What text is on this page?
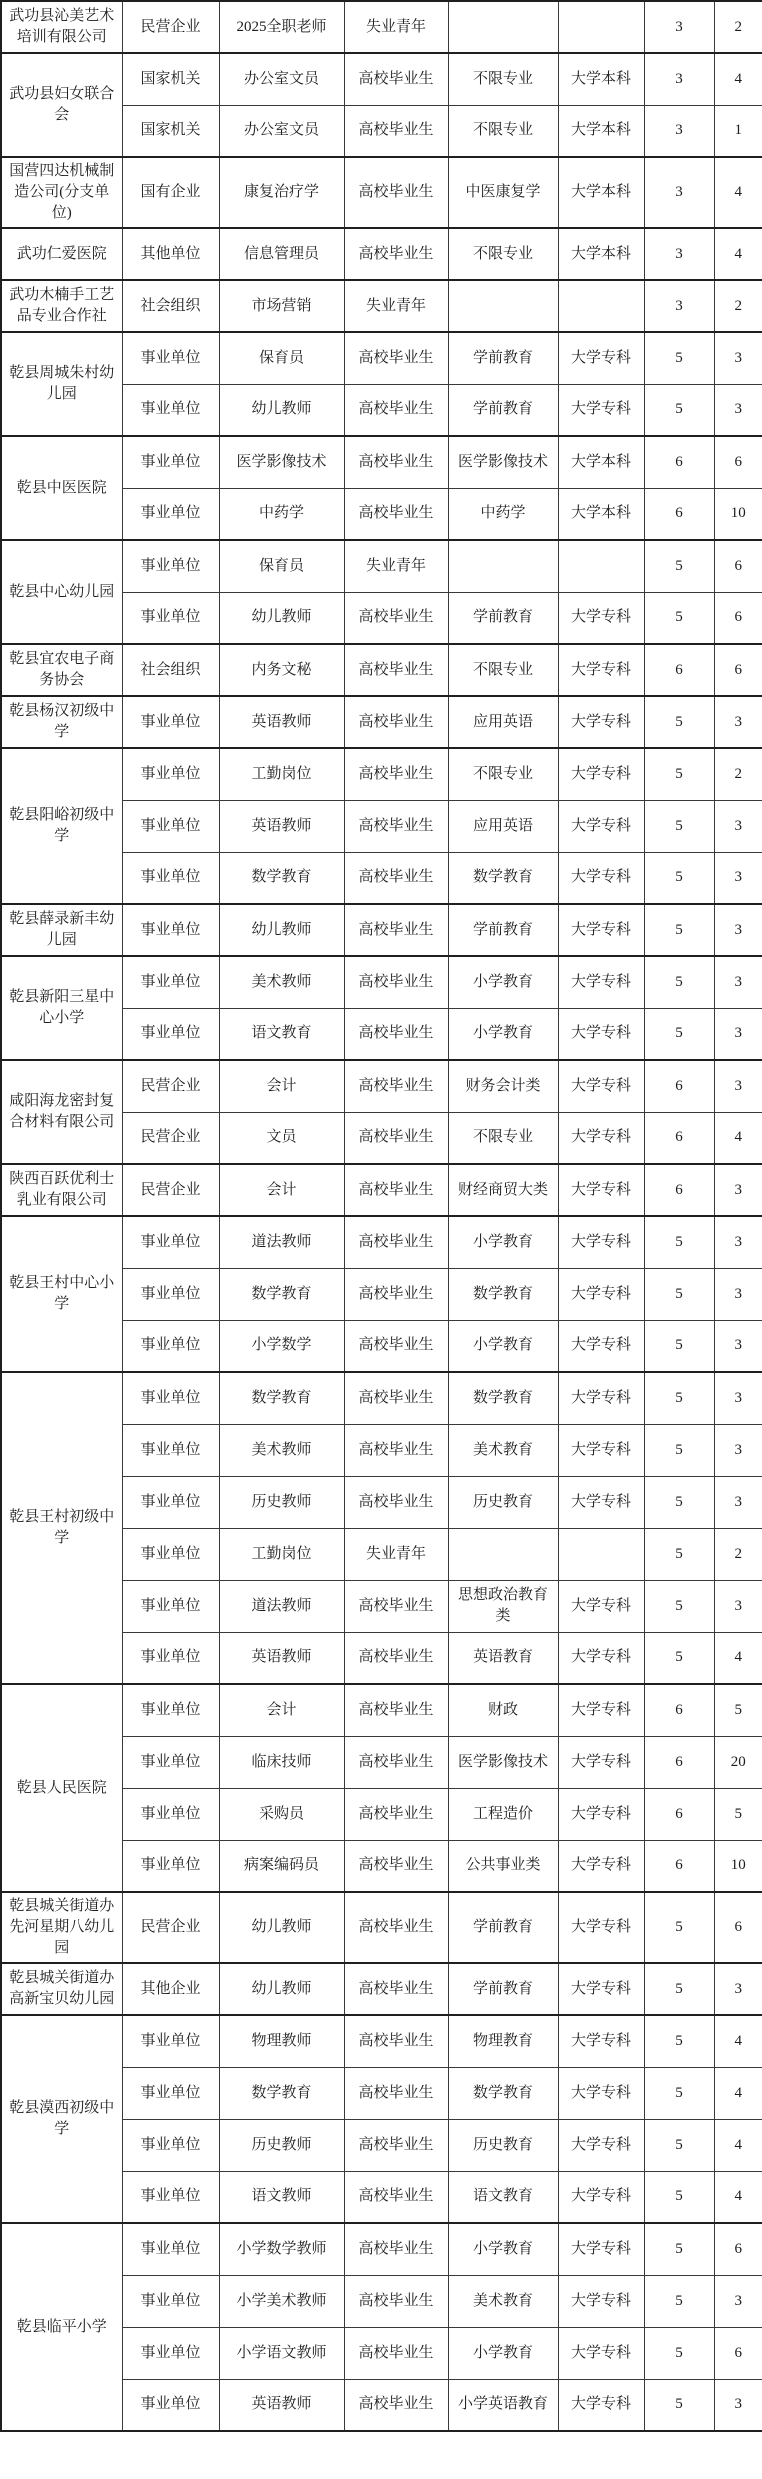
武功县沁美艺术培训有限公司	民营企业	2025全职老师	失业青年			3	2
武功县妇女联合会	国家机关	办公室文员	高校毕业生	不限专业	大学本科	3	4
	国家机关	办公室文员	高校毕业生	不限专业	大学本科	3	1
国营四达机械制造公司(分支单位)	国有企业	康复治疗学	高校毕业生	中医康复学	大学本科	3	4
武功仁爱医院	其他单位	信息管理员	高校毕业生	不限专业	大学本科	3	4
武功木楠手工艺品专业合作社	社会组织	市场营销	失业青年			3	2
乾县周城朱村幼儿园	事业单位	保育员	高校毕业生	学前教育	大学专科	5	3
	事业单位	幼儿教师	高校毕业生	学前教育	大学专科	5	3
乾县中医医院	事业单位	医学影像技术	高校毕业生	医学影像技术	大学本科	6	6
	事业单位	中药学	高校毕业生	中药学	大学本科	6	10
乾县中心幼儿园	事业单位	保育员	失业青年			5	6
	事业单位	幼儿教师	高校毕业生	学前教育	大学专科	5	6
乾县宜农电子商务协会	社会组织	内务文秘	高校毕业生	不限专业	大学专科	6	6
乾县杨汉初级中学	事业单位	英语教师	高校毕业生	应用英语	大学专科	5	3
乾县阳峪初级中学	事业单位	工勤岗位	高校毕业生	不限专业	大学专科	5	2
	事业单位	英语教师	高校毕业生	应用英语	大学专科	5	3
	事业单位	数学教育	高校毕业生	数学教育	大学专科	5	3
乾县薛录新丰幼儿园	事业单位	幼儿教师	高校毕业生	学前教育	大学专科	5	3
乾县新阳三星中心小学	事业单位	美术教师	高校毕业生	小学教育	大学专科	5	3
	事业单位	语文教育	高校毕业生	小学教育	大学专科	5	3
咸阳海龙密封复合材料有限公司	民营企业	会计	高校毕业生	财务会计类	大学专科	6	3
	民营企业	文员	高校毕业生	不限专业	大学专科	6	4
陕西百跃优利士乳业有限公司	民营企业	会计	高校毕业生	财经商贸大类	大学专科	6	3
乾县王村中心小学	事业单位	道法教师	高校毕业生	小学教育	大学专科	5	3
	事业单位	数学教育	高校毕业生	数学教育	大学专科	5	3
	事业单位	小学数学	高校毕业生	小学教育	大学专科	5	3
乾县王村初级中学	事业单位	数学教育	高校毕业生	数学教育	大学专科	5	3
	事业单位	美术教师	高校毕业生	美术教育	大学专科	5	3
	事业单位	历史教师	高校毕业生	历史教育	大学专科	5	3
	事业单位	工勤岗位	失业青年			5	2
	事业单位	道法教师	高校毕业生	思想政治教育类	大学专科	5	3
	事业单位	英语教师	高校毕业生	英语教育	大学专科	5	4
乾县人民医院	事业单位	会计	高校毕业生	财政	大学专科	6	5
	事业单位	临床技师	高校毕业生	医学影像技术	大学专科	6	20
	事业单位	采购员	高校毕业生	工程造价	大学专科	6	5
	事业单位	病案编码员	高校毕业生	公共事业类	大学专科	6	10
乾县城关街道办先河星期八幼儿园	民营企业	幼儿教师	高校毕业生	学前教育	大学专科	5	6
乾县城关街道办高新宝贝幼儿园	其他企业	幼儿教师	高校毕业生	学前教育	大学专科	5	3
乾县漠西初级中学	事业单位	物理教师	高校毕业生	物理教育	大学专科	5	4
	事业单位	数学教育	高校毕业生	数学教育	大学专科	5	4
	事业单位	历史教师	高校毕业生	历史教育	大学专科	5	4
	事业单位	语文教师	高校毕业生	语文教育	大学专科	5	4
乾县临平小学	事业单位	小学数学教师	高校毕业生	小学教育	大学专科	5	6
	事业单位	小学美术教师	高校毕业生	美术教育	大学专科	5	3
	事业单位	小学语文教师	高校毕业生	小学教育	大学专科	5	6
	事业单位	英语教师	高校毕业生	小学英语教育	大学专科	5	3
